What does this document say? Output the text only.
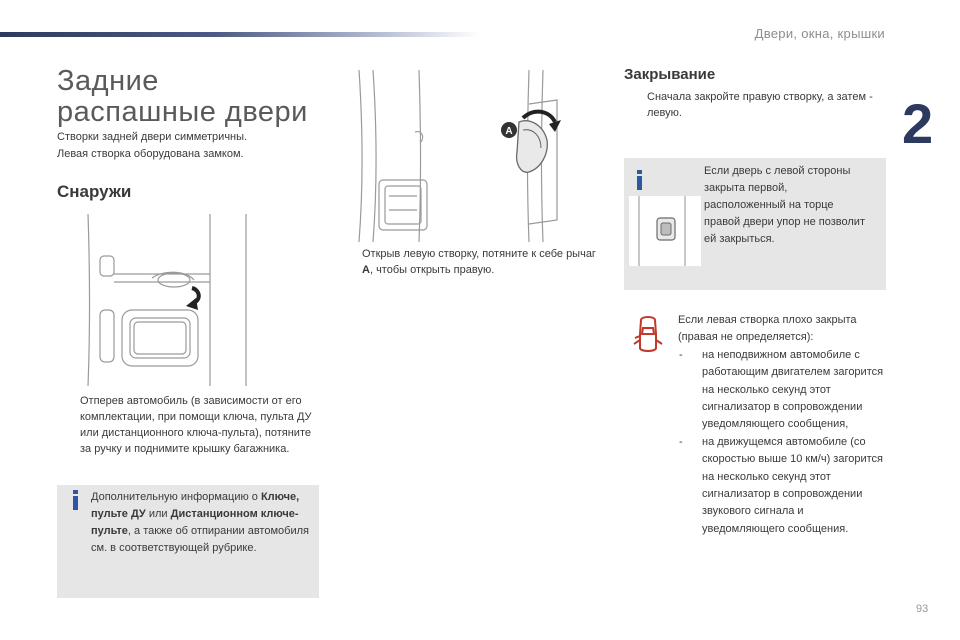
Двери, окна, крышки
2
Задние
распашные двери

Створки задней двери симметричны.
Левая створка оборудована замком.

Снаружи
Отперев автомобиль (в зависимости от его комплектации, при помощи ключа, пульта ДУ или дистанционного ключа-пульта), потяните за ручку и поднимите крышку багажника.

Дополнительную информацию о Ключе, пульте ДУ или Дистанционном ключе-пульте, а также об отпирании автомобиля см. в соответствующей рубрике.

A
Открыв левую створку, потяните к себе рычаг A, чтобы открыть правую.
Закрывание
Сначала закройте правую створку, а затем - левую.

Если дверь с левой стороны закрыта первой, расположенный на торце правой двери упор не позволит ей закрыться.

Если левая створка плохо закрыта (правая не определяется):
- на неподвижном автомобиле с работающим двигателем загорится на несколько секунд этот сигнализатор в сопровождении уведомляющего сообщения,
- на движущемся автомобиле (со скоростью выше 10 км/ч) загорится на несколько секунд этот сигнализатор в сопровождении звукового сигнала и уведомляющего сообщения.
93
